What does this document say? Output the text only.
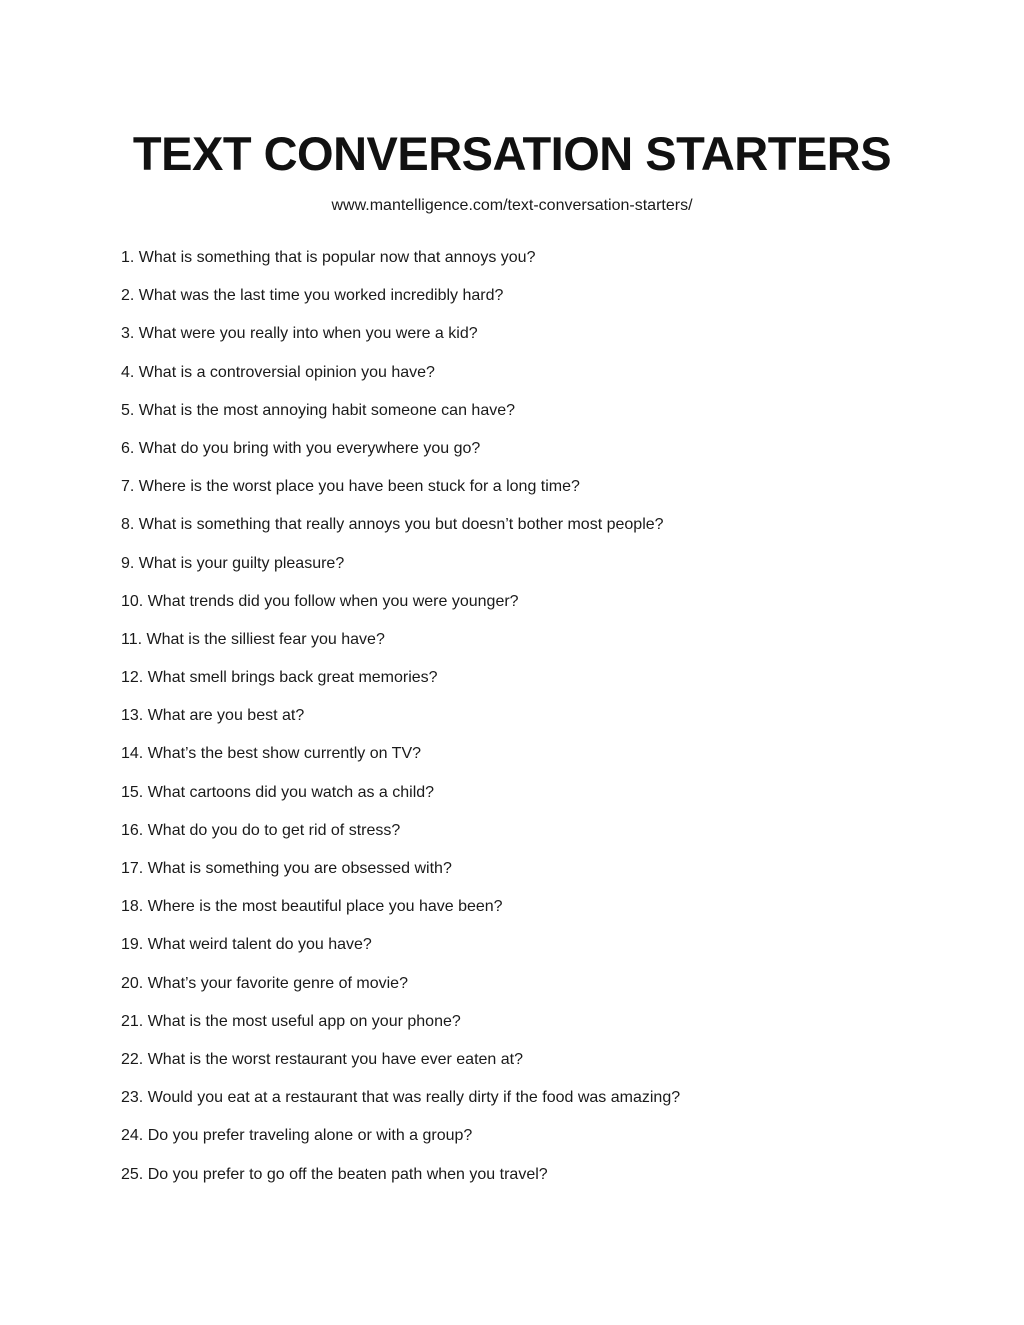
TEXT CONVERSATION STARTERS
www.mantelligence.com/text-conversation-starters/
1. What is something that is popular now that annoys you?
2. What was the last time you worked incredibly hard?
3. What were you really into when you were a kid?
4. What is a controversial opinion you have?
5. What is the most annoying habit someone can have?
6. What do you bring with you everywhere you go?
7. Where is the worst place you have been stuck for a long time?
8. What is something that really annoys you but doesn’t bother most people?
9. What is your guilty pleasure?
10. What trends did you follow when you were younger?
11. What is the silliest fear you have?
12. What smell brings back great memories?
13. What are you best at?
14. What’s the best show currently on TV?
15. What cartoons did you watch as a child?
16. What do you do to get rid of stress?
17. What is something you are obsessed with?
18. Where is the most beautiful place you have been?
19. What weird talent do you have?
20. What’s your favorite genre of movie?
21. What is the most useful app on your phone?
22. What is the worst restaurant you have ever eaten at?
23. Would you eat at a restaurant that was really dirty if the food was amazing?
24. Do you prefer traveling alone or with a group?
25. Do you prefer to go off the beaten path when you travel?
